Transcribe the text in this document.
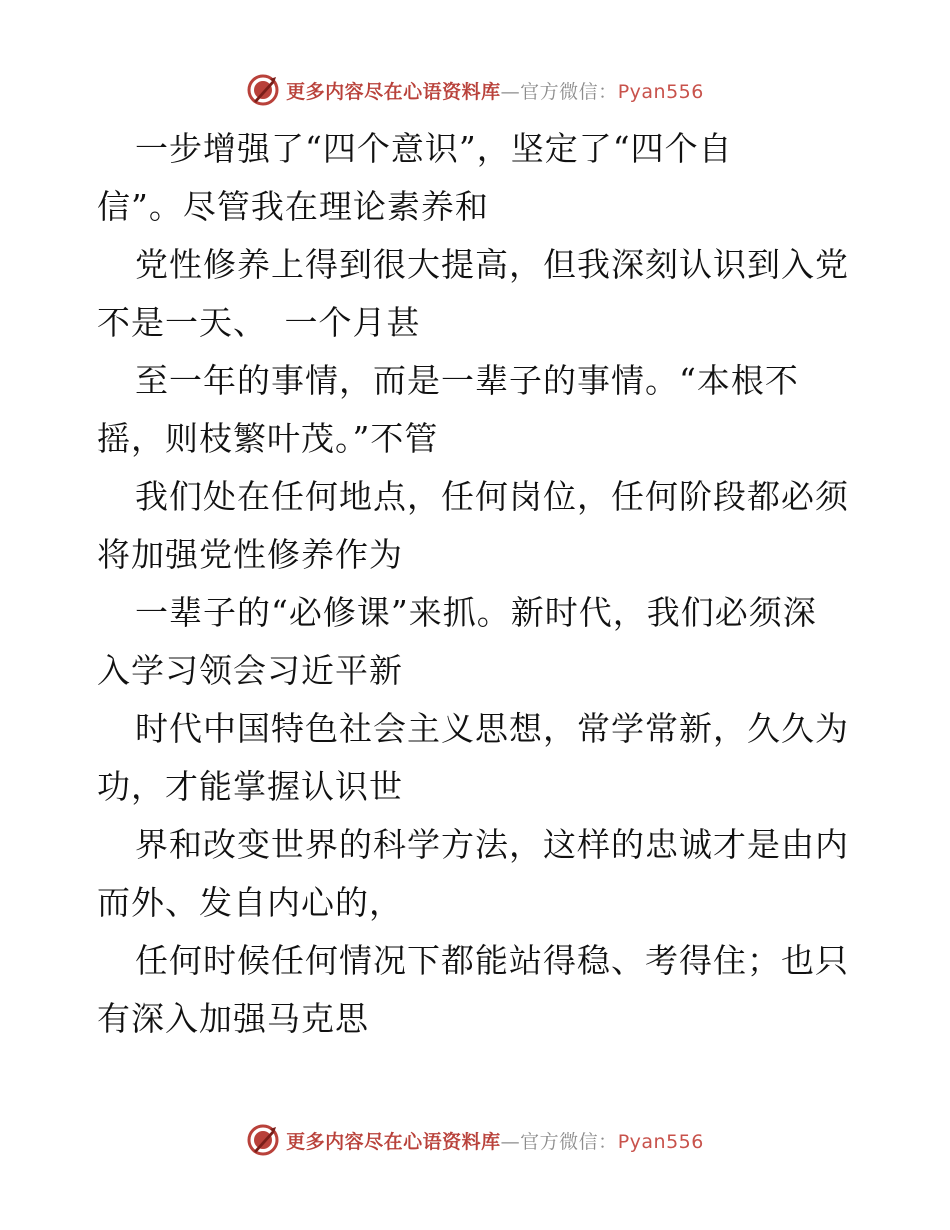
更多内容尽在心语资料库—官方微信：Pyan556
一步增强了“四个意识”，坚定了“四个自
信”。尽管我在理论素养和
党性修养上得到很大提高，但我深刻认识到入党
不是一天、　一个月甚
至一年的事情，而是一辈子的事情。“本根不
摇，则枝繁叶茂。”不管
我们处在任何地点，任何岗位，任何阶段都必须
将加强党性修养作为
一辈子的“必修课”来抓。新时代，我们必须深
入学习领会习近平新
时代中国特色社会主义思想，常学常新，久久为
功，才能掌握认识世
界和改变世界的科学方法，这样的忠诚才是由内
而外、发自内心的，
任何时候任何情况下都能站得稳、考得住；也只
有深入加强马克思
更多内容尽在心语资料库—官方微信：Pyan556
